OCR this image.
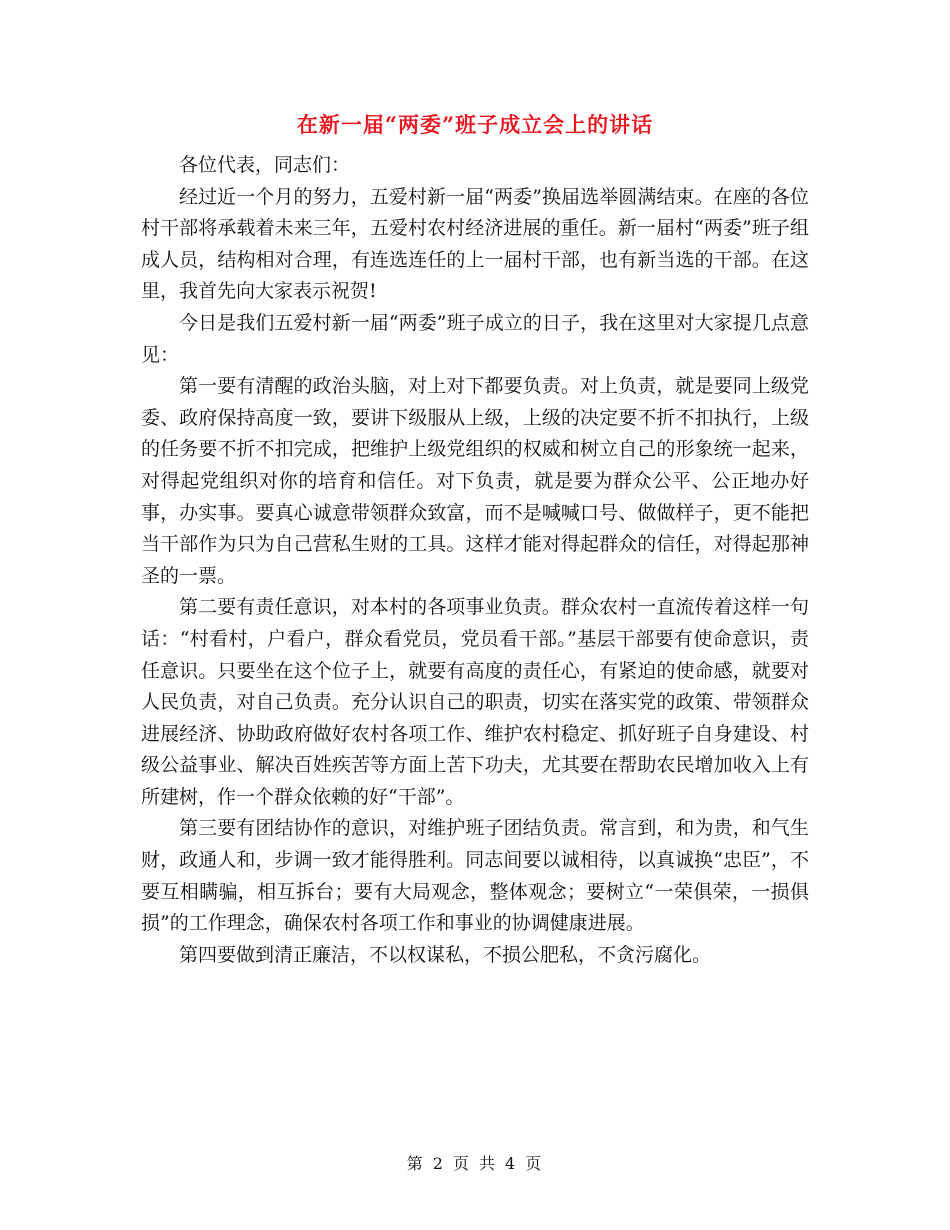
在新一届“两委”班子成立会上的讲话

各位代表，同志们：

经过近一个月的努力，五爱村新一届“两委”换届选举圆满结束。在座的各位村干部将承载着未来三年，五爱村农村经济进展的重任。新一届村“两委”班子组成人员，结构相对合理，有连选连任的上一届村干部，也有新当选的干部。在这里，我首先向大家表示祝贺!

今日是我们五爱村新一届“两委”班子成立的日子，我在这里对大家提几点意见：

第一要有清醒的政治头脑，对上对下都要负责。对上负责，就是要同上级党委、政府保持高度一致，要讲下级服从上级，上级的决定要不折不扣执行，上级的任务要不折不扣完成，把维护上级党组织的权威和树立自己的形象统一起来，对得起党组织对你的培育和信任。对下负责，就是要为群众公平、公正地办好事，办实事。要真心诚意带领群众致富，而不是喊喊口号、做做样子，更不能把当干部作为只为自己营私生财的工具。这样才能对得起群众的信任，对得起那神圣的一票。

第二要有责任意识，对本村的各项事业负责。群众农村一直流传着这样一句话：“村看村，户看户，群众看党员，党员看干部。”基层干部要有使命意识，责任意识。只要坐在这个位子上，就要有高度的责任心，有紧迫的使命感，就要对人民负责，对自己负责。充分认识自己的职责，切实在落实党的政策、带领群众进展经济、协助政府做好农村各项工作、维护农村稳定、抓好班子自身建设、村级公益事业、解决百姓疾苦等方面上苦下功夫，尤其要在帮助农民增加收入上有所建树，作一个群众依赖的好“干部”。

第三要有团结协作的意识，对维护班子团结负责。常言到，和为贵，和气生财，政通人和，步调一致才能得胜利。同志间要以诚相待，以真诚换“忠臣”，不要互相瞒骗，相互拆台；要有大局观念，整体观念；要树立“一荣俱荣，一损俱损”的工作理念，确保农村各项工作和事业的协调健康进展。

第四要做到清正廉洁，不以权谋私，不损公肥私，不贪污腐化。

第 2 页 共 4 页
